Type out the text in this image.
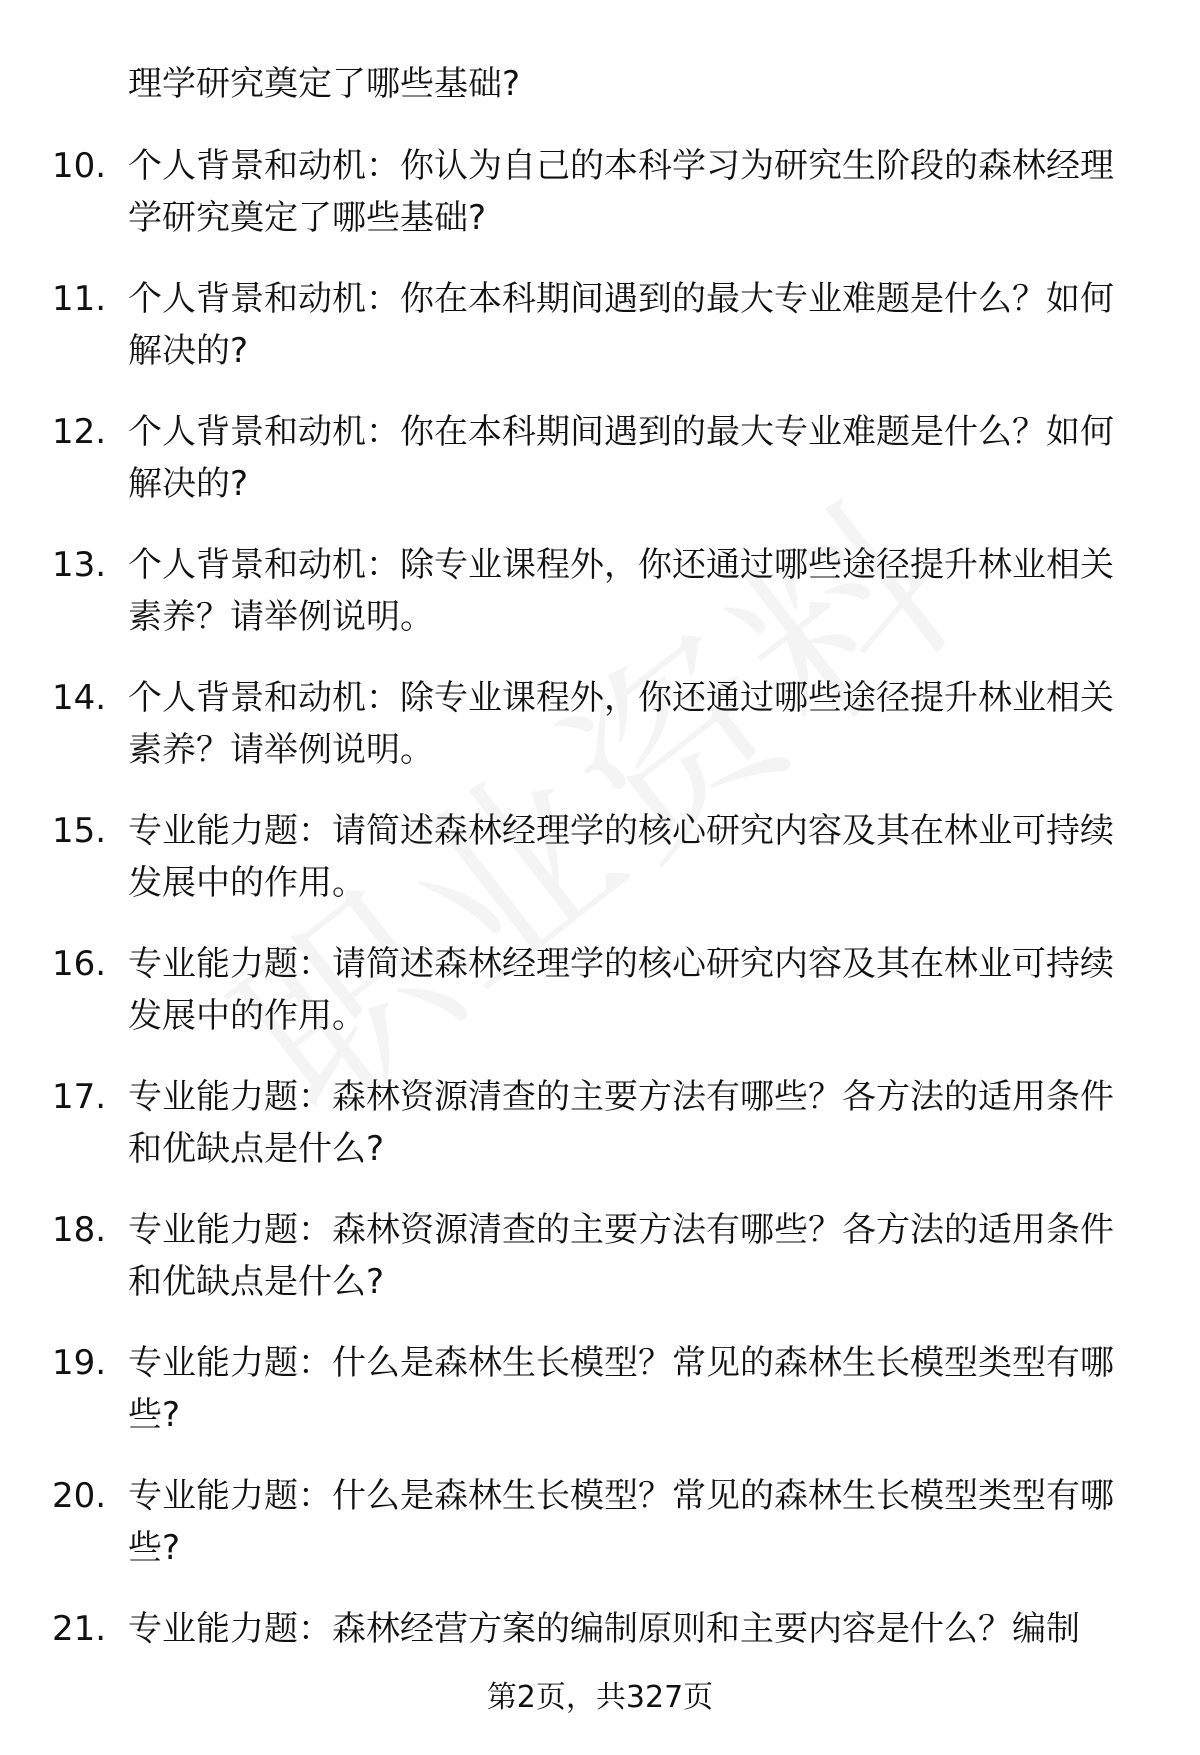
理学研究奠定了哪些基础?

10. 个人背景和动机：你认为自己的本科学习为研究生阶段的森林经理学研究奠定了哪些基础?
11. 个人背景和动机：你在本科期间遇到的最大专业难题是什么？如何解决的?
12. 个人背景和动机：你在本科期间遇到的最大专业难题是什么？如何解决的?
13. 个人背景和动机：除专业课程外，你还通过哪些途径提升林业相关素养？请举例说明。
14. 个人背景和动机：除专业课程外，你还通过哪些途径提升林业相关素养？请举例说明。
15. 专业能力题：请简述森林经理学的核心研究内容及其在林业可持续发展中的作用。
16. 专业能力题：请简述森林经理学的核心研究内容及其在林业可持续发展中的作用。
17. 专业能力题：森林资源清查的主要方法有哪些？各方法的适用条件和优缺点是什么?
18. 专业能力题：森林资源清查的主要方法有哪些？各方法的适用条件和优缺点是什么?
19. 专业能力题：什么是森林生长模型？常见的森林生长模型类型有哪些?
20. 专业能力题：什么是森林生长模型？常见的森林生长模型类型有哪些?
21. 专业能力题：森林经营方案的编制原则和主要内容是什么？编制
第2页，共327页
